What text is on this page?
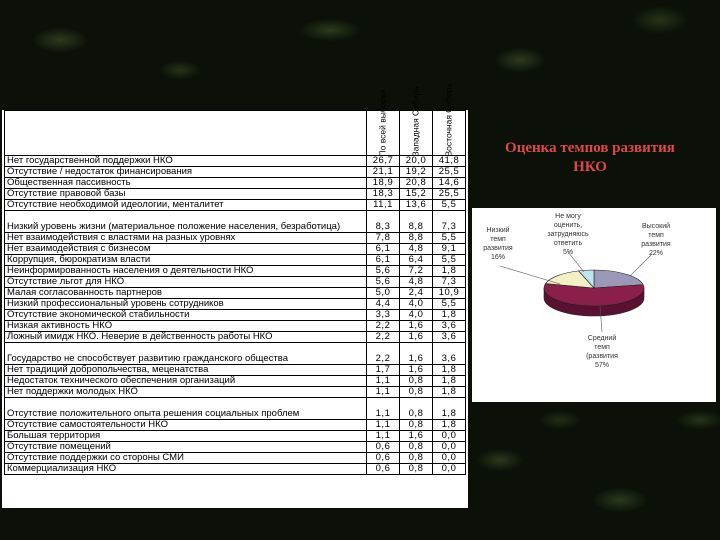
	По всей выборке	Западная Сибирь	Восточная Сибирь

Нет государственной поддержки НКО	26,7	20,0	41,8
Отсутствие / недостаток финансирования	21,1	19,2	25,5
Общественная пассивность	18,9	20,8	14,6
Отсутствие правовой базы	18,3	15,2	25,5
Отсутствие необходимой идеологии, менталитет	11,1	13,6	5,5
Низкий уровень жизни (материальное положение населения, безработица)	8,3	8,8	7,3
Нет взаимодействия с властями на разных уровнях	7,8	8,8	5,5
Нет взаимодействия с бизнесом	6,1	4,8	9,1
Коррупция, бюрократизм власти	6,1	6,4	5,5
Неинформированность населения о деятельности НКО	5,6	7,2	1,8
Отсутствие льгот для НКО	5,6	4,8	7,3
Малая согласованность партнеров	5,0	2,4	10,9
Низкий профессиональный уровень сотрудников	4,4	4,0	5,5
Отсутствие экономической стабильности	3,3	4,0	1,8
Низкая активность НКО	2,2	1,6	3,6
Ложный имидж НКО. Неверие в действенность работы НКО	2,2	1,6	3,6
Государство не способствует развитию гражданского общества	2,2	1,6	3,6
Нет традиций добропольчества, меценатства	1,7	1,6	1,8
Недостаток технического обеспечения организаций	1,1	0,8	1,8
Нет поддержки молодых НКО	1,1	0,8	1,8
Отсутствие положительного опыта решения социальных проблем	1,1	0,8	1,8
Отсутствие самостоятельности НКО	1,1	0,8	1,8
Большая территория	1,1	1,6	0,0
Отсутствие помещений	0,6	0,8	0,0
Отсутствие поддержки со стороны СМИ	0,6	0,8	0,0
Коммерциализация НКО	0,6	0,8	0,0
Оценка темпов развития НКО
Низкий
темп
развития
16%
Не могу
оценить,
затрудняюсь
ответить
5%
Высокий
темп
развития
22%
Средний
темп
(развития
57%
